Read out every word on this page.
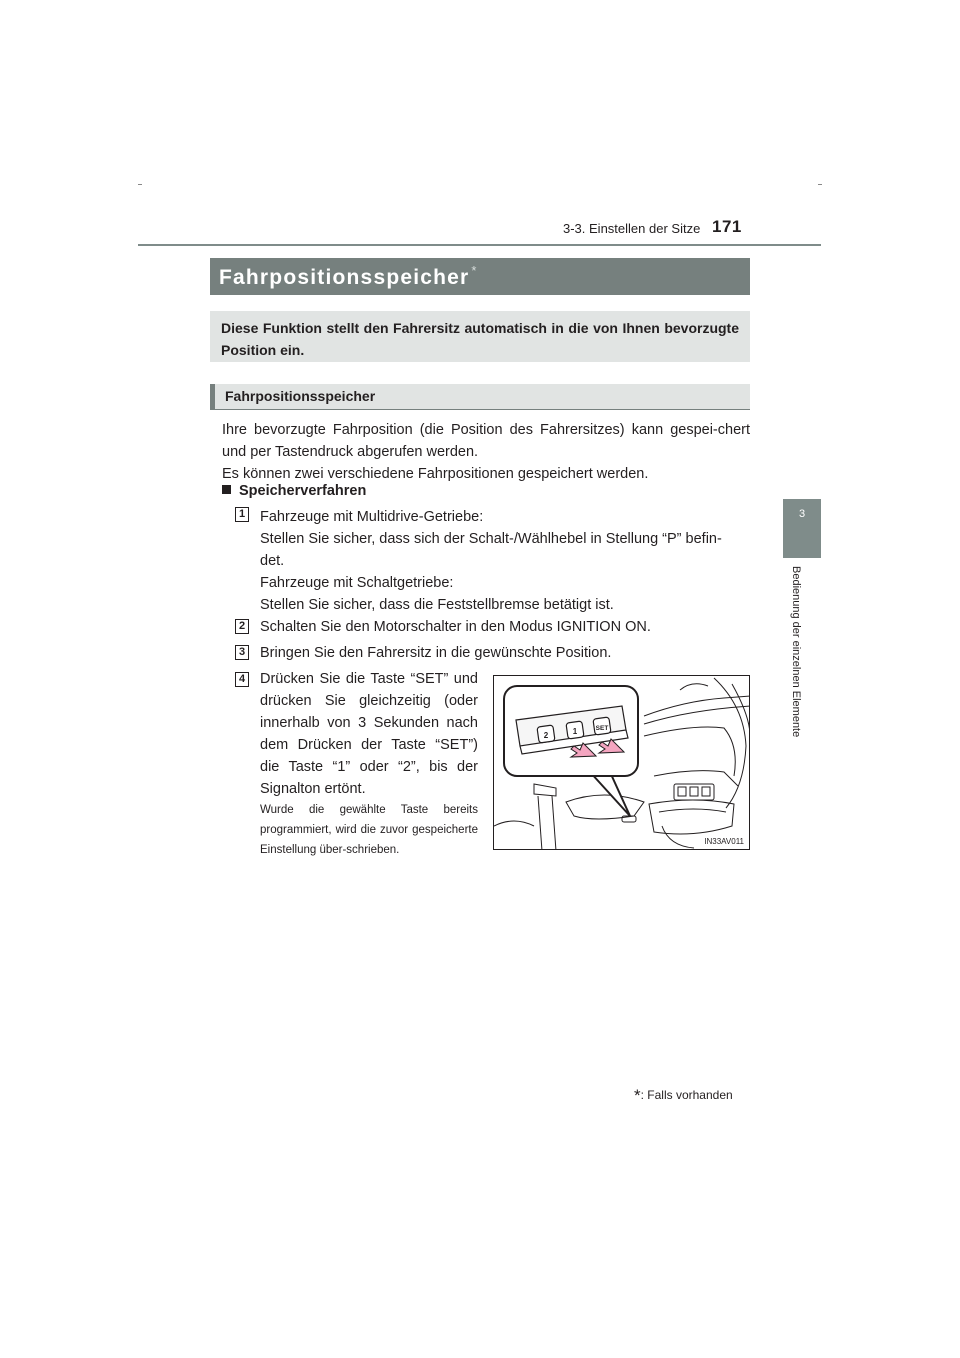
171
3-3. Einstellen der Sitze
3
Bedienung der einzelnen Elemente
Fahrpositionsspeicher *
Diese Funktion stellt den Fahrersitz automatisch in die von Ihnen bevorzugte Position ein.
Fahrpositionsspeicher

Ihre bevorzugte Fahrposition (die Position des Fahrersitzes) kann gespei-chert und per Tastendruck abgerufen werden.

Es können zwei verschiedene Fahrpositionen gespeichert werden.

Speicherverfahren
1 Fahrzeuge mit Multidrive-Getriebe:

Stellen Sie sicher, dass sich der Schalt-/Wählhebel in Stellung “P” befin-

det.

Fahrzeuge mit Schaltgetriebe:

Stellen Sie sicher, dass die Feststellbremse betätigt ist.

2 Schalten Sie den Motorschalter in den Modus IGNITION ON.

3 Bringen Sie den Fahrersitz in die gewünschte Position.

4 Drücken Sie die Taste “SET” und drücken Sie gleichzeitig (oder innerhalb von 3 Sekunden nach dem Drücken der Taste “SET”) die Taste “1” oder “2”, bis der Signalton ertönt.
Wurde die gewählte Taste bereits programmiert, wird die zuvor gespeicherte Einstellung über-schrieben.
2	1	SET
IN33AV011
*: Falls vorhanden
